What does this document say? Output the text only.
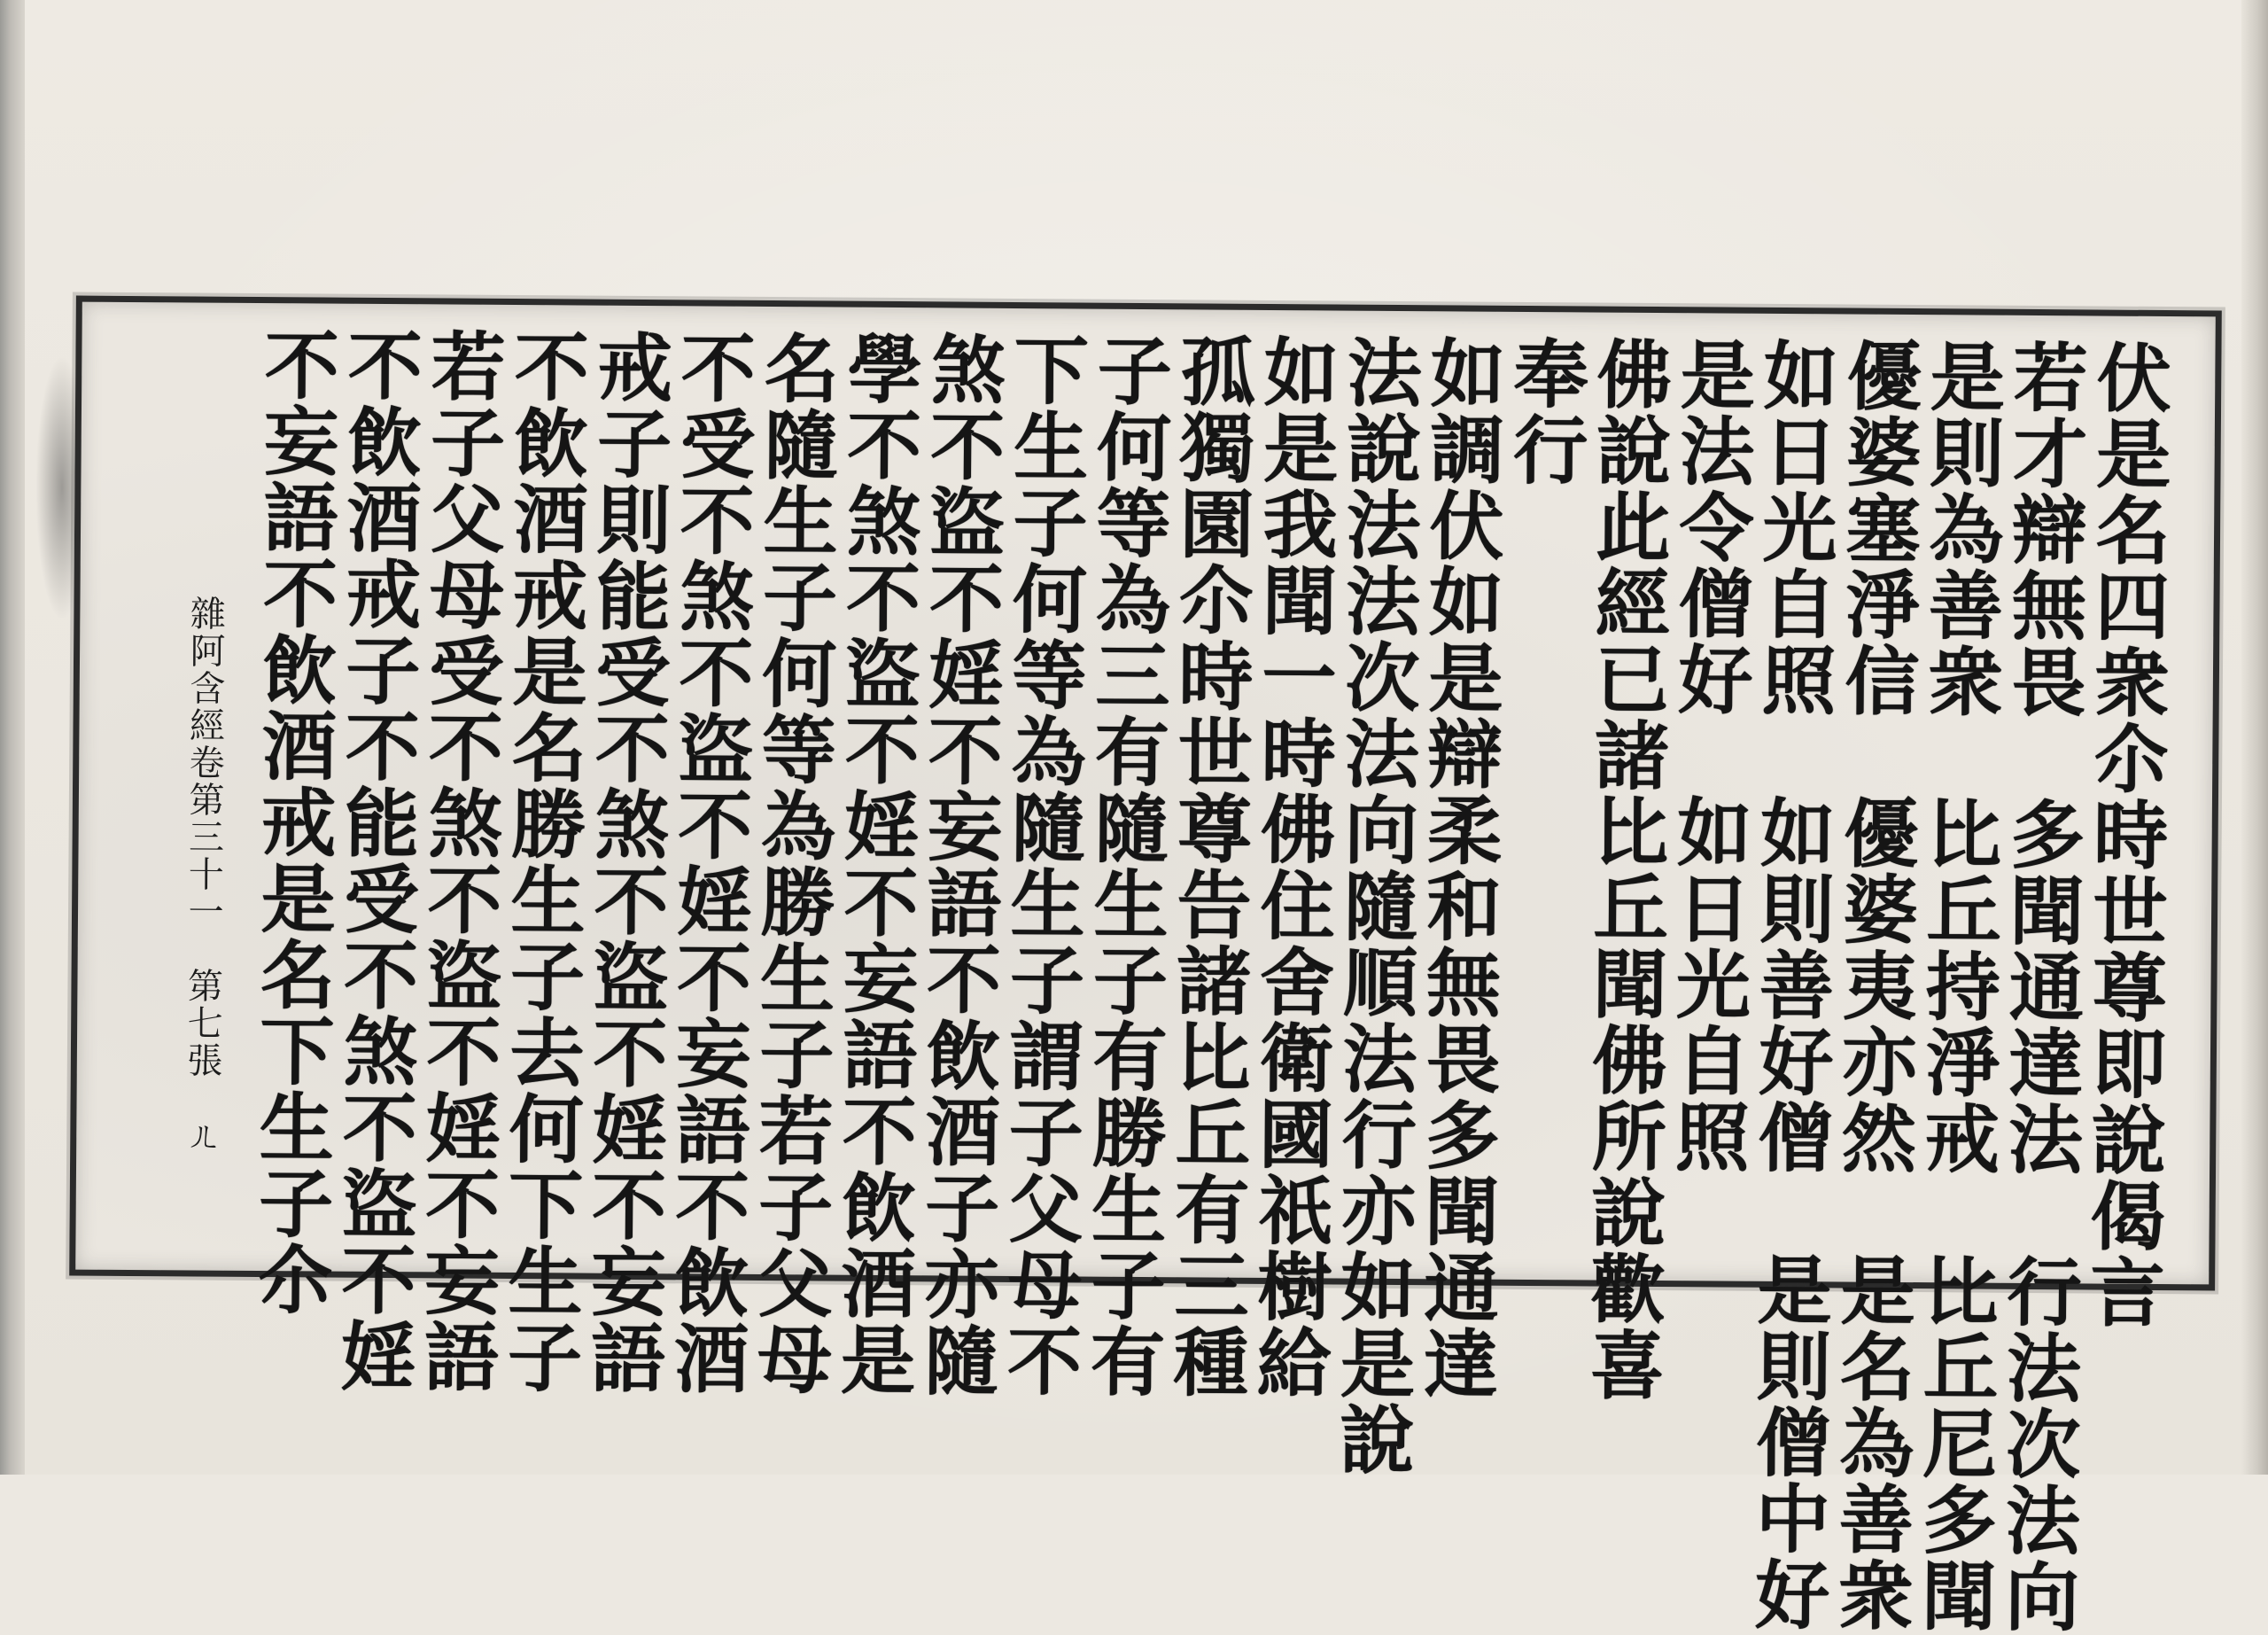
伏是名四衆尒時世尊即說偈言
若才辯無畏　多聞通達法　行法次法向
是則為善衆　比丘持淨戒　比丘尼多聞
優婆塞淨信　優婆夷亦然　是名為善衆
如日光自照　如則善好僧　是則僧中好
是法令僧好　如日光自照
佛說此經已諸比丘聞佛所說歡喜
奉行
如調伏如是辯柔和無畏多聞通達
法說法法次法向隨順法行亦如是說
如是我聞一時佛住舍衛國祇樹給
孤獨園尒時世尊告諸比丘有三種
子何等為三有隨生子有勝生子有
下生子何等為隨生子謂子父母不
煞不盜不婬不妄語不飲酒子亦隨
學不煞不盜不婬不妄語不飲酒是
名隨生子何等為勝生子若子父母
不受不煞不盜不婬不妄語不飲酒
戒子則能受不煞不盜不婬不妄語
不飲酒戒是名勝生子去何下生子
若子父母受不煞不盜不婬不妄語
不飲酒戒子不能受不煞不盜不婬
不妄語不飲酒戒是名下生子尒
雜阿含經卷第三十一　第七張　ㄦ
